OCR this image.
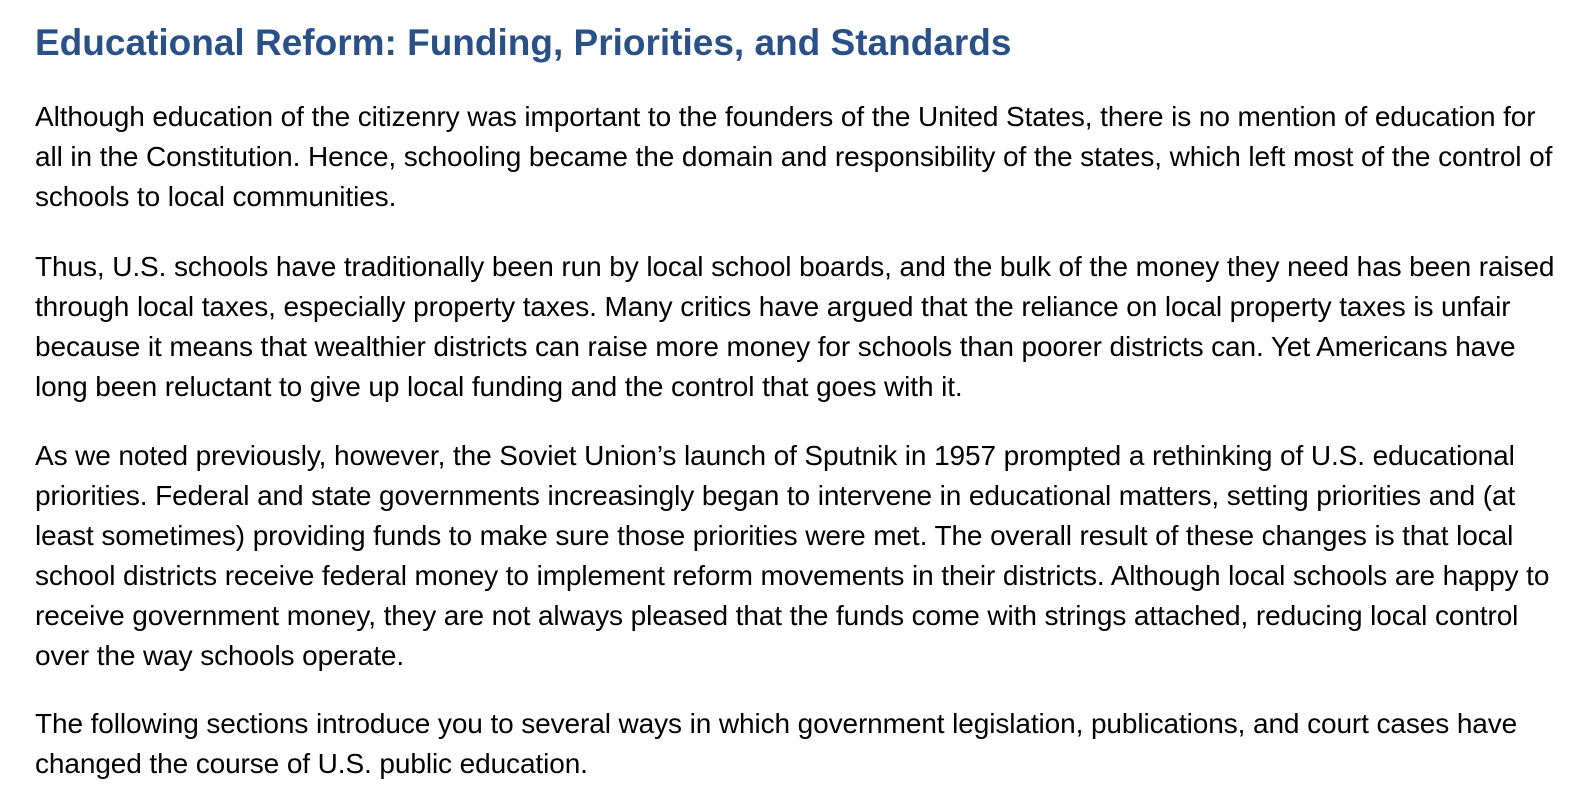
Educational Reform: Funding, Priorities, and Standards

Although education of the citizenry was important to the founders of the United States, there is no mention of education for all in the Constitution. Hence, schooling became the domain and responsibility of the states, which left most of the control of schools to local communities.

Thus, U.S. schools have traditionally been run by local school boards, and the bulk of the money they need has been raised through local taxes, especially property taxes. Many critics have argued that the reliance on local property taxes is unfair because it means that wealthier districts can raise more money for schools than poorer districts can. Yet Americans have long been reluctant to give up local funding and the control that goes with it.

As we noted previously, however, the Soviet Union’s launch of Sputnik in 1957 prompted a rethinking of U.S. educational priorities. Federal and state governments increasingly began to intervene in educational matters, setting priorities and (at least sometimes) providing funds to make sure those priorities were met. The overall result of these changes is that local school districts receive federal money to implement reform movements in their districts. Although local schools are happy to receive government money, they are not always pleased that the funds come with strings attached, reducing local control over the way schools operate.

The following sections introduce you to several ways in which government legislation, publications, and court cases have changed the course of U.S. public education.
